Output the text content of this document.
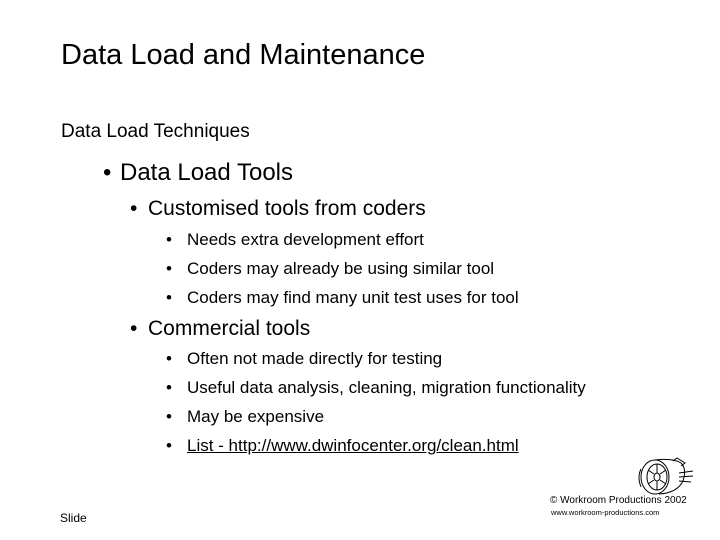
Data Load and Maintenance
Data Load Techniques
• Data Load Tools
• Customised tools from coders
• Needs extra development effort
• Coders may already be using similar tool
• Coders may find many unit test uses for tool
• Commercial tools
• Often not made directly for testing
• Useful data analysis, cleaning, migration functionality
• May be expensive
• List - http://www.dwinfocenter.org/clean.html
© Workroom Productions 2002
www.workroom-productions.com
Slide
